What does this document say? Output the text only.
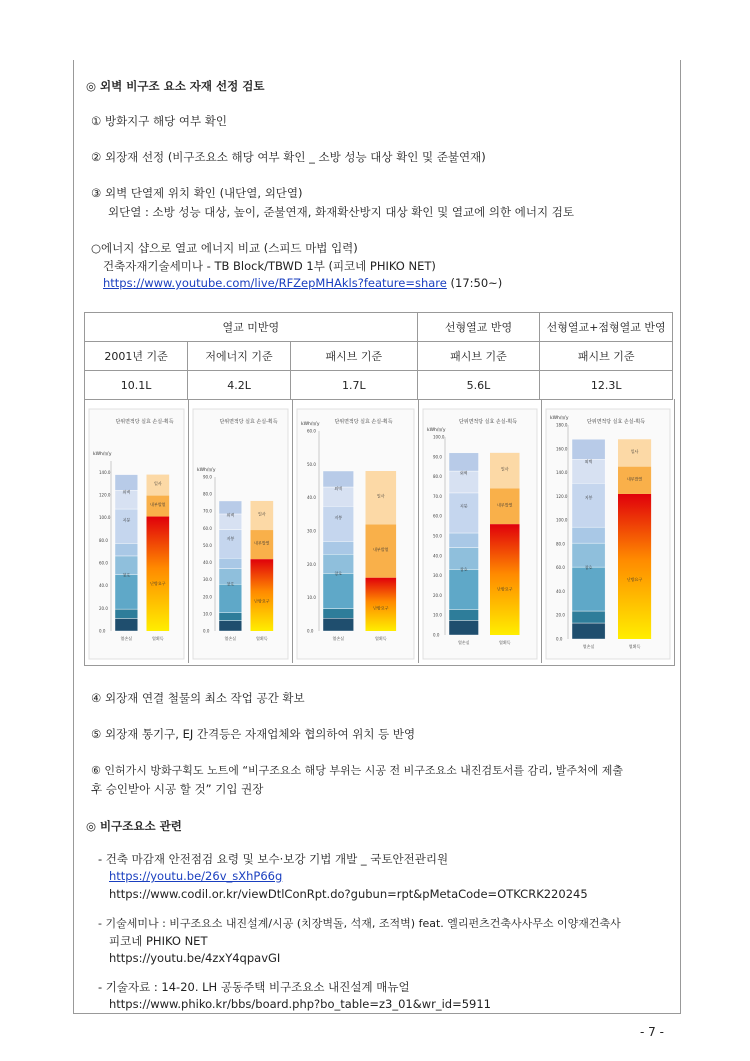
◎ 외벽 비구조 요소 자재 선정 검토
① 방화지구 해당 여부 확인
② 외장재 선정 (비구조요소 해당 여부 확인 _ 소방 성능 대상 확인 및 준불연재)
③ 외벽 단열제 위치 확인 (내단열, 외단열)
외단열 : 소방 성능 대상, 높이, 준불연재, 화재확산방지 대상 확인 및 열교에 의한 에너지 검토
○에너지 샵으로 열교 에너지 비교 (스피드 마법 입력)
건축자재기술세미나 - TB Block/TBWD 1부 (피코네 PHIKO NET)
https://www.youtube.com/live/RFZepMHAkls?feature=share (17:50~)
열교 미반영			선형열교 반영	선형열교+점형열교 반영
2001년 기준	저에너지 기준	패시브 기준	패시브 기준	패시브 기준
10.1L	4.2L	1.7L	5.6L	12.3L
단위면적당 실효 손실-획득
kWh/㎡y
0.0
20.0
40.0
60.0
80.0
100.0
120.0
140.0
일사
내부발열
난방요구
외벽
지붕
창호
열손실	열획득
단위면적당 실효 손실-획득
kWh/㎡y
0.0
10.0
20.0
30.0
40.0
50.0
60.0
70.0
80.0
90.0
일사
내부발열
난방요구
외벽
지붕
창호
열손실	열획득
단위면적당 실효 손실-획득
kWh/㎡y
0.0
10.0
20.0
30.0
40.0
50.0
60.0
일사
내부발열
난방요구
외벽
지붕
창호
열손실	열획득
단위면적당 실효 손실-획득
kWh/㎡y
0.0
10.0
20.0
30.0
40.0
50.0
60.0
70.0
80.0
90.0
100.0
일사
내부발열
난방요구
외벽
지붕
창호
열손실	열획득
단위면적당 실효 손실-획득
kWh/㎡y
0.0
20.0
40.0
60.0
80.0
100.0
120.0
140.0
160.0
180.0
일사
내부발열
난방요구
외벽
지붕
창호
열손실	열획득
④ 외장재 연결 철물의 최소 작업 공간 확보
⑤ 외장재 통기구, EJ 간격등은 자재업체와 협의하여 위치 등 반영
⑥ 인허가시 방화구획도 노트에 “비구조요소 해당 부위는 시공 전 비구조요소 내진검토서를 감리, 발주처에 제출
후 승인받아 시공 할 것” 기입 권장
◎ 비구조요소 관련
- 건축 마감재 안전점검 요령 및 보수·보강 기법 개발 _ 국토안전관리원
https://youtu.be/26v_sXhP66g
https://www.codil.or.kr/viewDtlConRpt.do?gubun=rpt&pMetaCode=OTKCRK220245
- 기술세미나 : 비구조요소 내진설계/시공 (치장벽돌, 석재, 조적벽) feat. 엘리펀츠건축사사무소 이양재건축사
피코네 PHIKO NET
https://youtu.be/4zxY4qpavGI
- 기술자료 : 14-20. LH 공동주택 비구조요소 내진설계 매뉴얼
https://www.phiko.kr/bbs/board.php?bo_table=z3_01&wr_id=5911
- 7 -
